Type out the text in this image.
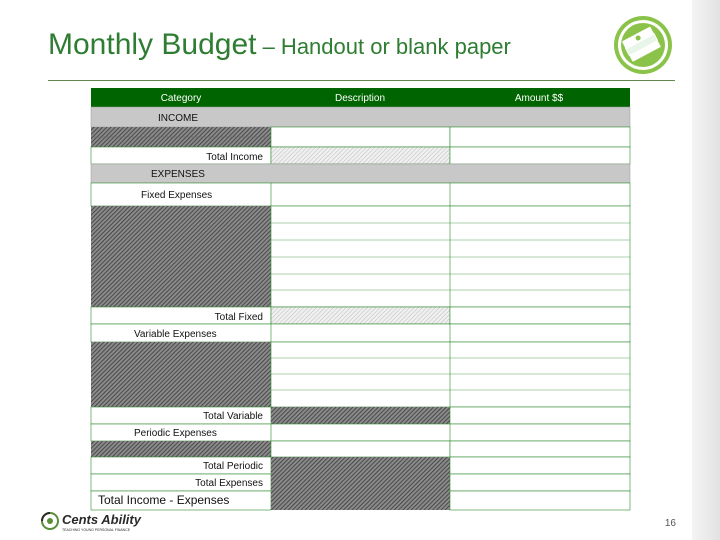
Monthly Budget – Handout or blank paper
Category	Description	Amount $$
INCOME
Total Income
EXPENSES
Fixed Expenses
Total Fixed
Variable Expenses
Total Variable
Periodic Expenses
Total Periodic
Total Expenses
Total Income - Expenses
Cents Ability
TEACHING YOUNG PERSONAL FINANCE
16
